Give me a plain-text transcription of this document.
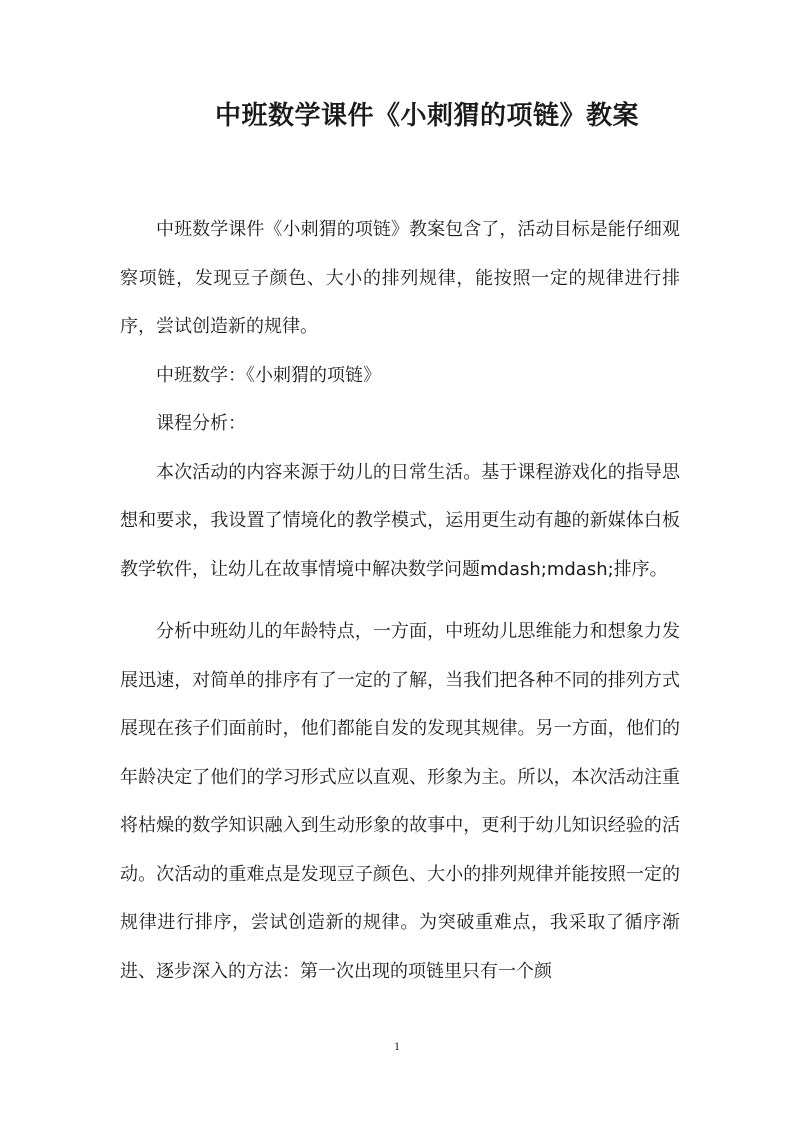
中班数学课件《小刺猬的项链》教案

中班数学课件《小刺猬的项链》教案包含了，活动目标是能仔细观察项链，发现豆子颜色、大小的排列规律，能按照一定的规律进行排序，尝试创造新的规律。

中班数学：《小刺猬的项链》

课程分析：

本次活动的内容来源于幼儿的日常生活。基于课程游戏化的指导思想和要求，我设置了情境化的教学模式，运用更生动有趣的新媒体白板教学软件，让幼儿在故事情境中解决数学问题mdash;mdash;排序。

分析中班幼儿的年龄特点，一方面，中班幼儿思维能力和想象力发展迅速，对简单的排序有了一定的了解，当我们把各种不同的排列方式展现在孩子们面前时，他们都能自发的发现其规律。另一方面，他们的年龄决定了他们的学习形式应以直观、形象为主。所以，本次活动注重将枯燥的数学知识融入到生动形象的故事中，更利于幼儿知识经验的活动。次活动的重难点是发现豆子颜色、大小的排列规律并能按照一定的规律进行排序，尝试创造新的规律。为突破重难点，我采取了循序渐进、逐步深入的方法：第一次出现的项链里只有一个颜

1
